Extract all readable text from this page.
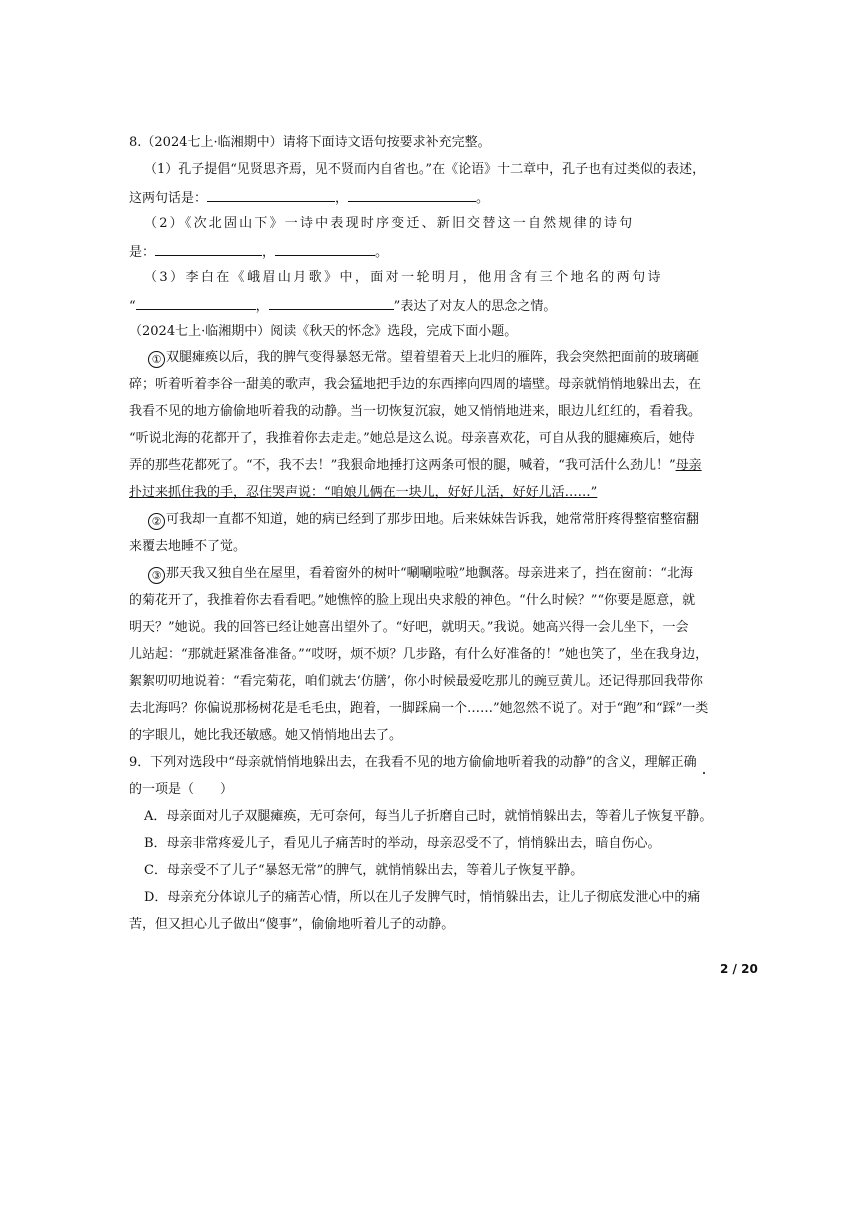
8.（2024七上·临湘期中）请将下面诗文语句按要求补充完整。
（1）孔子提倡“见贤思齐焉，见不贤而内自省也。”在《论语》十二章中，孔子也有过类似的表述，
这两句话是：	，	。
（2）《次北固山下》一诗中表现时序变迁、新旧交替这一自然规律的诗句
是：	，	。
（3）李白在《峨眉山月歌》中，面对一轮明月，他用含有三个地名的两句诗
“	，	”表达了对友人的思念之情。
（2024七上·临湘期中）阅读《秋天的怀念》选段，完成下面小题。
① 双腿瘫痪以后，我的脾气变得暴怒无常。望着望着天上北归的雁阵，我会突然把面前的玻璃砸
碎；听着听着李谷一甜美的歌声，我会猛地把手边的东西摔向四周的墙壁。母亲就悄悄地躲出去，在
我看不见的地方偷偷地听着我的动静。当一切恢复沉寂，她又悄悄地进来，眼边儿红红的，看着我。
“听说北海的花都开了，我推着你去走走。”她总是这么说。母亲喜欢花，可自从我的腿瘫痪后，她侍
弄的那些花都死了。“不，我不去！”我狠命地捶打这两条可恨的腿，喊着，“我可活什么劲儿！”母亲
扑过来抓住我的手，忍住哭声说：“咱娘儿俩在一块儿，好好儿活，好好儿活……”
② 可我却一直都不知道，她的病已经到了那步田地。后来妹妹告诉我，她常常肝疼得整宿整宿翻
来覆去地睡不了觉。
③ 那天我又独自坐在屋里，看着窗外的树叶“唰唰啦啦”地飘落。母亲进来了，挡在窗前：“北海
的菊花开了，我推着你去看看吧。”她憔悴的脸上现出央求般的神色。“什么时候？”“你要是愿意，就
明天？”她说。我的回答已经让她喜出望外了。“好吧，就明天。”我说。她高兴得一会儿坐下，一会
儿站起：“那就赶紧准备准备。”“哎呀，烦不烦？几步路，有什么好准备的！”她也笑了，坐在我身边，
絮絮叨叨地说着：“看完菊花，咱们就去‘仿膳’，你小时候最爱吃那儿的豌豆黄儿。还记得那回我带你
去北海吗？你偏说那杨树花是毛毛虫，跑着，一脚踩扁一个……”她忽然不说了。对于“跑”和“踩”一类
的字眼儿，她比我还敏感。她又悄悄地出去了。
9．下列对选段中“母亲就悄悄地躲出去，在我看不见的地方偷偷地听着我的动静”的含义，理解正确
的一项是（　　）
A．母亲面对儿子双腿瘫痪，无可奈何，每当儿子折磨自己时，就悄悄躲出去，等着儿子恢复平静。
B．母亲非常疼爱儿子，看见儿子痛苦时的举动，母亲忍受不了，悄悄躲出去，暗自伤心。
C．母亲受不了儿子“暴怒无常”的脾气，就悄悄躲出去，等着儿子恢复平静。
D．母亲充分体谅儿子的痛苦心情，所以在儿子发脾气时，悄悄躲出去，让儿子彻底发泄心中的痛
苦，但又担心儿子做出“傻事”，偷偷地听着儿子的动静。
2 / 20
